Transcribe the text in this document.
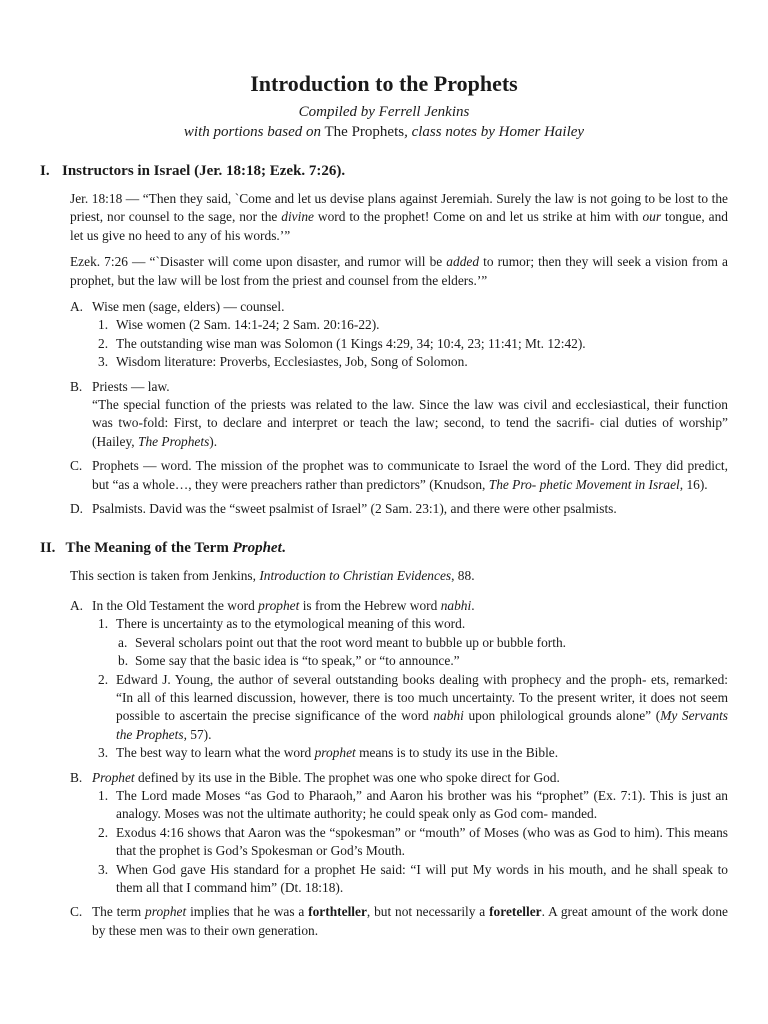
Introduction to the Prophets
Compiled by Ferrell Jenkins
with portions based on The Prophets, class notes by Homer Hailey
I. Instructors in Israel (Jer. 18:18; Ezek. 7:26).
Jer. 18:18 — “Then they said, `Come and let us devise plans against Jeremiah. Surely the law is not going to be lost to the priest, nor counsel to the sage, nor the divine word to the prophet! Come on and let us strike at him with our tongue, and let us give no heed to any of his words.’”
Ezek. 7:26 — “`Disaster will come upon disaster, and rumor will be added to rumor; then they will seek a vision from a prophet, but the law will be lost from the priest and counsel from the elders.’”
A. Wise men (sage, elders) — counsel.
1. Wise women (2 Sam. 14:1-24; 2 Sam. 20:16-22).
2. The outstanding wise man was Solomon (1 Kings 4:29, 34; 10:4, 23; 11:41; Mt. 12:42).
3. Wisdom literature: Proverbs, Ecclesiastes, Job, Song of Solomon.
B. Priests — law.
“The special function of the priests was related to the law. Since the law was civil and ecclesiastical, their function was two-fold: First, to declare and interpret or teach the law; second, to tend the sacrifi- cial duties of worship” (Hailey, The Prophets).
C. Prophets — word. The mission of the prophet was to communicate to Israel the word of the Lord. They did predict, but “as a whole…, they were preachers rather than predictors” (Knudson, The Pro- phetic Movement in Israel, 16).
D. Psalmists. David was the “sweet psalmist of Israel” (2 Sam. 23:1), and there were other psalmists.
II. The Meaning of the Term Prophet.
This section is taken from Jenkins, Introduction to Christian Evidences, 88.
A. In the Old Testament the word prophet is from the Hebrew word nabhi.
1. There is uncertainty as to the etymological meaning of this word.
a. Several scholars point out that the root word meant to bubble up or bubble forth.
b. Some say that the basic idea is “to speak,” or “to announce.”
2. Edward J. Young, the author of several outstanding books dealing with prophecy and the proph- ets, remarked: “In all of this learned discussion, however, there is too much uncertainty. To the present writer, it does not seem possible to ascertain the precise significance of the word nabhi upon philological grounds alone” (My Servants the Prophets, 57).
3. The best way to learn what the word prophet means is to study its use in the Bible.
B. Prophet defined by its use in the Bible. The prophet was one who spoke direct for God.
1. The Lord made Moses “as God to Pharaoh,” and Aaron his brother was his “prophet” (Ex. 7:1). This is just an analogy. Moses was not the ultimate authority; he could speak only as God com- manded.
2. Exodus 4:16 shows that Aaron was the “spokesman” or “mouth” of Moses (who was as God to him). This means that the prophet is God’s Spokesman or God’s Mouth.
3. When God gave His standard for a prophet He said: “I will put My words in his mouth, and he shall speak to them all that I command him” (Dt. 18:18).
C. The term prophet implies that he was a forthteller, but not necessarily a foreteller. A great amount of the work done by these men was to their own generation.
